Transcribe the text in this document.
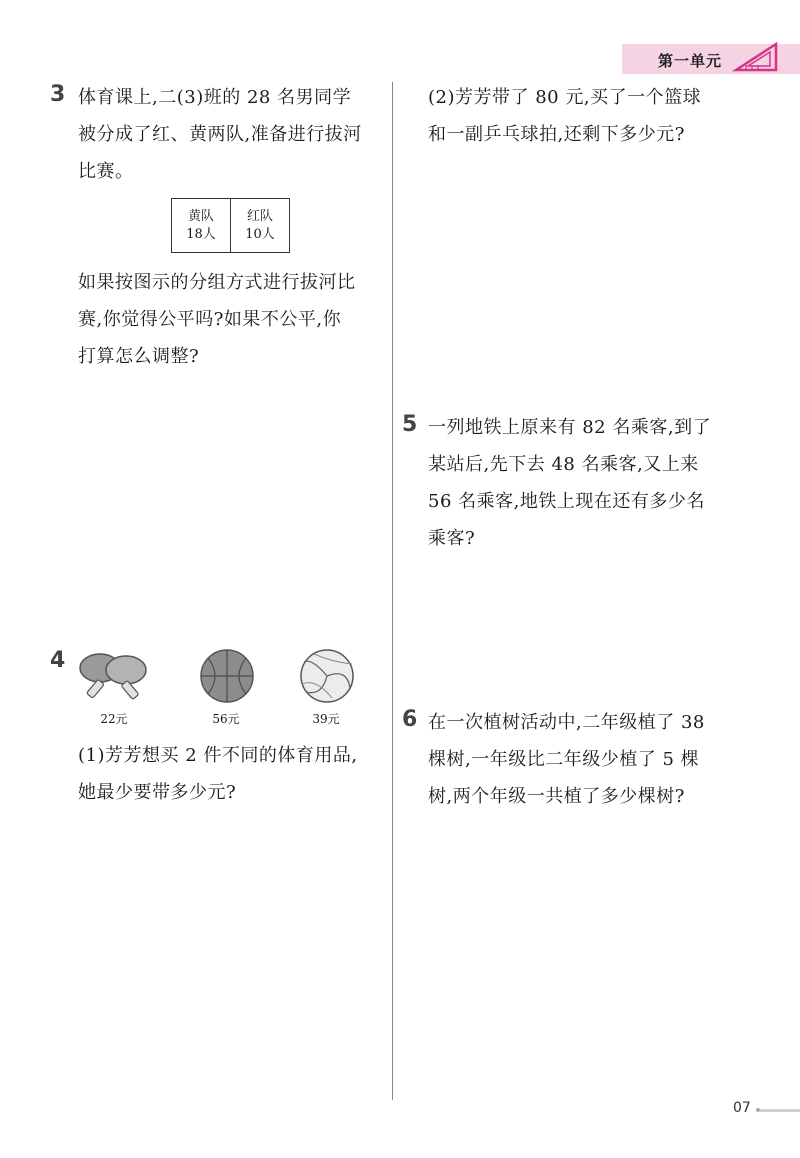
第一单元
3 体育课上,二(3)班的 28 名男同学
被分成了红、黄两队,准备进行拔河
比赛。
黄队
18人

红队
10人
如果按图示的分组方式进行拔河比
赛,你觉得公平吗?如果不公平,你
打算怎么调整?
4
22元	56元	39元
(1)芳芳想买 2 件不同的体育用品,
她最少要带多少元?
(2)芳芳带了 80 元,买了一个篮球
和一副乒乓球拍,还剩下多少元?
5 一列地铁上原来有 82 名乘客,到了
某站后,先下去 48 名乘客,又上来
56 名乘客,地铁上现在还有多少名
乘客?
6 在一次植树活动中,二年级植了 38
棵树,一年级比二年级少植了 5 棵
树,两个年级一共植了多少棵树?
07
